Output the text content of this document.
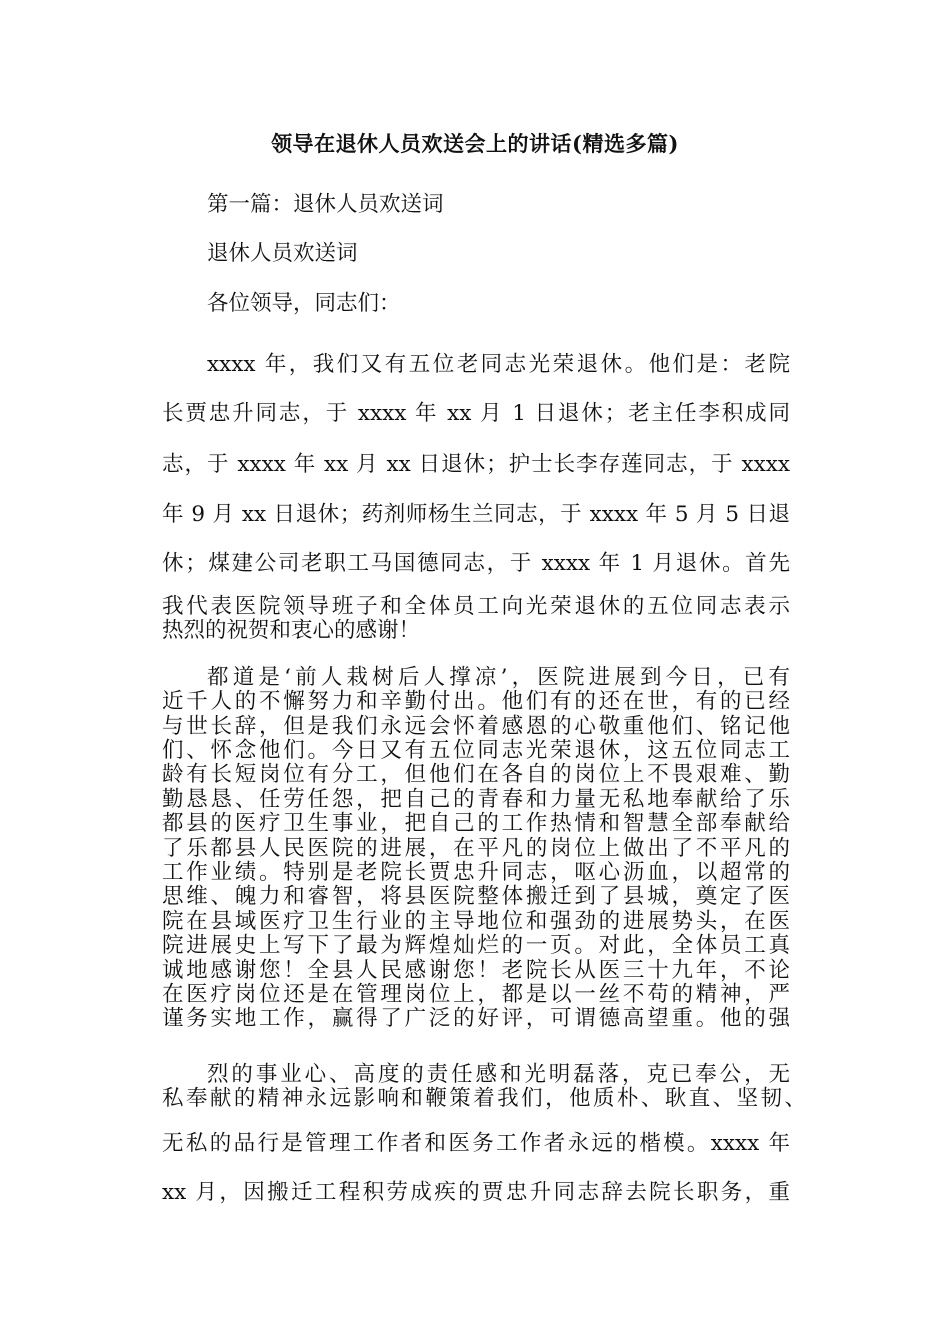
领导在退休人员欢送会上的讲话(精选多篇)
第一篇：退休人员欢送词
退休人员欢送词
各位领导，同志们：
xxxx 年，我们又有五位老同志光荣退休。他们是：老院
长贾忠升同志，于 xxxx 年 xx 月 1 日退休；老主任李积成同
志，于 xxxx 年 xx 月 xx 日退休；护士长李存莲同志，于 xxxx
年 9 月 xx 日退休；药剂师杨生兰同志，于 xxxx 年 5 月 5 日退
休；煤建公司老职工马国德同志，于 xxxx 年 1 月退休。首先
我代表医院领导班子和全体员工向光荣退休的五位同志表示
热烈的祝贺和衷心的感谢！
都道是‘前人栽树后人撑凉’，医院进展到今日，已有
近千人的不懈努力和辛勤付出。他们有的还在世，有的已经
与世长辞，但是我们永远会怀着感恩的心敬重他们、铭记他
们、怀念他们。今日又有五位同志光荣退休，这五位同志工
龄有长短岗位有分工，但他们在各自的岗位上不畏艰难、勤
勤恳恳、任劳任怨，把自己的青春和力量无私地奉献给了乐
都县的医疗卫生事业，把自己的工作热情和智慧全部奉献给
了乐都县人民医院的进展，在平凡的岗位上做出了不平凡的
工作业绩。特别是老院长贾忠升同志，呕心沥血，以超常的
思维、魄力和睿智，将县医院整体搬迁到了县城，奠定了医
院在县域医疗卫生行业的主导地位和强劲的进展势头，在医
院进展史上写下了最为辉煌灿烂的一页。对此，全体员工真
诚地感谢您！全县人民感谢您！老院长从医三十九年，不论
在医疗岗位还是在管理岗位上，都是以一丝不苟的精神，严
谨务实地工作，赢得了广泛的好评，可谓德高望重。他的强
烈的事业心、高度的责任感和光明磊落，克已奉公，无
私奉献的精神永远影响和鞭策着我们，他质朴、耿直、坚韧、
无私的品行是管理工作者和医务工作者永远的楷模。xxxx 年
xx 月，因搬迁工程积劳成疾的贾忠升同志辞去院长职务，重
